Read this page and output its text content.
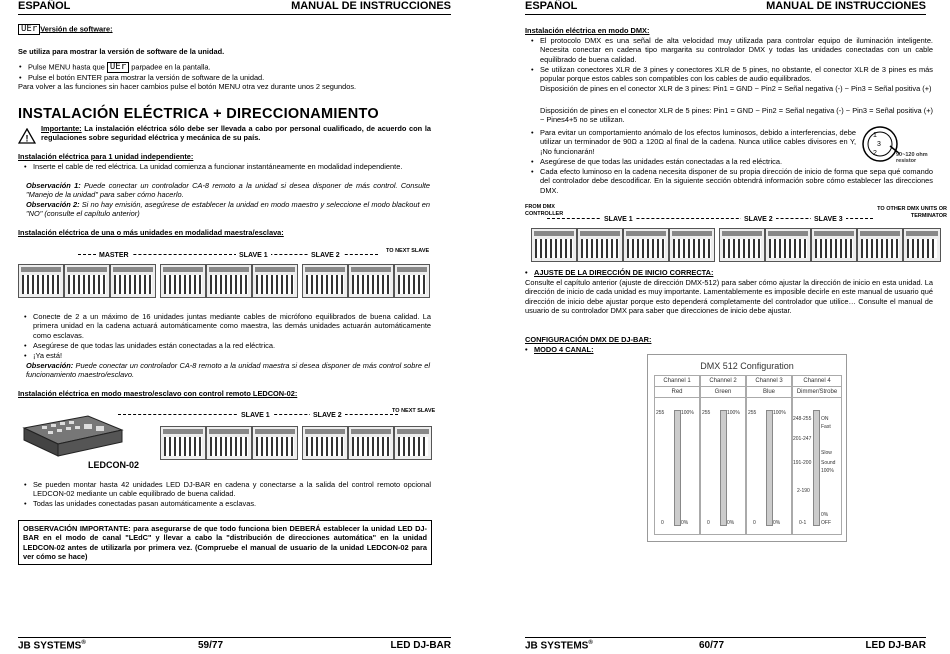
ESPAÑOL	MANUAL DE INSTRUCCIONES
UEr Versión de software:
Se utiliza para mostrar la versión de software de la unidad.
• Pulse MENU hasta que UEr parpadee en la pantalla.
• Pulse el botón ENTER para mostrar la versión de software de la unidad.
Para volver a las funciones sin hacer cambios pulse el botón MENU otra vez durante unos 2 segundos.
INSTALACIÓN ELÉCTRICA + DIRECCIONAMIENTO
!
Importante: La instalación eléctrica sólo debe ser llevada a cabo por personal cualificado, de acuerdo con la regulaciones sobre seguridad eléctrica y mecánica de su país.
Instalación eléctrica para 1 unidad independiente:
• Inserte el cable de red eléctrica. La unidad comienza a funcionar instantáneamente en modalidad independiente.
Observación 1: Puede conectar un controlador CA-8 remoto a la unidad si desea disponer de más control. Consulte "Manejo de la unidad" para saber cómo hacerlo.
Observación 2: Si no hay emisión, asegúrese de establecer la unidad en modo maestro y seleccione el modo blackout en "NO" (consulte el capítulo anterior)
Instalación eléctrica de una o más unidades en modalidad maestra/esclava:
MASTER	SLAVE 1	SLAVE 2
TO NEXT SLAVE
• Conecte de 2 a un máximo de 16 unidades juntas mediante cables de micrófono equilibrados de buena calidad. La primera unidad en la cadena actuará automáticamente como maestra, las demás unidades actuarán automáticamente como esclavas.
• Asegúrese de que todas las unidades están conectadas a la red eléctrica.
• ¡Ya está!
Observación: Puede conectar un controlador CA-8 remoto a la unidad maestra si desea disponer de más control sobre el funcionamiento maestro/esclavo.
Instalación eléctrica en modo maestro/esclavo con control remoto LEDCON-02:
LEDCON-02
SLAVE 1	SLAVE 2
TO NEXT SLAVE
• Se pueden montar hasta 42 unidades LED DJ-BAR en cadena y conectarse a la salida del control remoto opcional LEDCON-02 mediante un cable equilibrado de buena calidad.
• Todas las unidades conectadas pasan automáticamente a esclavas.
OBSERVACIÓN IMPORTANTE: para asegurarse de que todo funciona bien DEBERÁ establecer la unidad LED DJ-BAR en el modo de canal "LEdC" y llevar a cabo la "distribución de direcciones automática" en la unidad LEDCON-02 antes de utilizarla por primera vez. (Compruebe el manual de usuario de la unidad LEDCON-02 para ver cómo se hace)
JB SYSTEMS®	59/77	LED DJ-BAR
ESPAÑOL	MANUAL DE INSTRUCCIONES
Instalación eléctrica en modo DMX:
• El protocolo DMX es una señal de alta velocidad muy utilizada para controlar equipo de iluminación inteligente. Necesita conectar en cadena tipo margarita su controlador DMX y todas las unidades conectadas con un cable equilibrado de buena calidad.
• Se utilizan conectores XLR de 3 pines y conectores XLR de 5 pines, no obstante, el conector XLR de 3 pines es más popular porque estos cables son compatibles con los cables de audio equilibrados.
Disposición de pines en el conector XLR de 3 pines: Pin1 = GND ~ Pin2 = Señal negativa (-) ~ Pin3 = Señal positiva (+)
Disposición de pines en el conector XLR de 5 pines: Pin1 = GND ~ Pin2 = Señal negativa (-) ~ Pin3 = Señal positiva (+) ~ Pines4+5 no se utilizan.
• Para evitar un comportamiento anómalo de los efectos luminosos, debido a interferencias, debe utilizar un terminador de 90Ω a 120Ω al final de la cadena. Nunca utilice cables divisores en Y, ¡No funcionarán!
• Asegúrese de que todas las unidades están conectadas a la red eléctrica.
• Cada efecto luminoso en la cadena necesita disponer de su propia dirección de inicio de forma que sepa qué comando del controlador debe descodificar. En la siguiente sección obtendrá información sobre cómo establecer las direcciones DMX.
1
3
2	90~120 ohm resistor
FROM DMX CONTROLLER
SLAVE 1	SLAVE 2	SLAVE 3
TO OTHER DMX UNITS OR TERMINATOR
• AJUSTE DE LA DIRECCIÓN DE INICIO CORRECTA:
Consulte el capítulo anterior (ajuste de dirección DMX-512) para saber cómo ajustar la dirección de inicio en esta unidad. La dirección de inicio de cada unidad es muy importante. Lamentablemente es imposible decirle en este manual de usuario qué dirección de inicio debe ajustar porque esto dependerá completamente del controlador que utilice… Consulte el manual de usuario de su controlador DMX para saber que direcciones de inicio debe ajustar.
CONFIGURACIÓN DMX DE DJ-BAR:
• MODO 4 CANAL:
DMX 512 Configuration
Channel 1
Red
255	100%
0	0%
Channel 2
Green
255	100%
0	0%
Channel 3
Blue
255	100%
0	0%
Channel 4
Dimmer/Strobe
248-255 ON
Fast
201-247
Slow
191-200 Sound
100%
2-190
0%
0-1	OFF
JB SYSTEMS®	60/77	LED DJ-BAR
